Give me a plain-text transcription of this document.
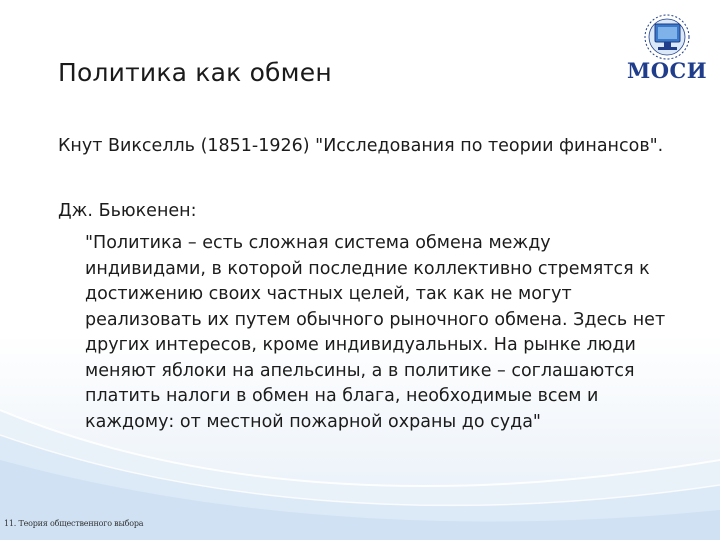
МОСИ
Политика как обмен
Кнут Викселль (1851-1926) "Исследования по теории финансов".
Дж. Бьюкенен:
"Политика – есть сложная система обмена между
индивидами, в которой последние коллективно стремятся к
достижению своих частных целей, так как не могут
реализовать их путем обычного рыночного обмена. Здесь нет
других интересов, кроме индивидуальных. На рынке люди
меняют яблоки на апельсины, а в политике – соглашаются
платить налоги в обмен на блага, необходимые всем и
каждому: от местной пожарной охраны до суда"
11. Теория общественного выбора
